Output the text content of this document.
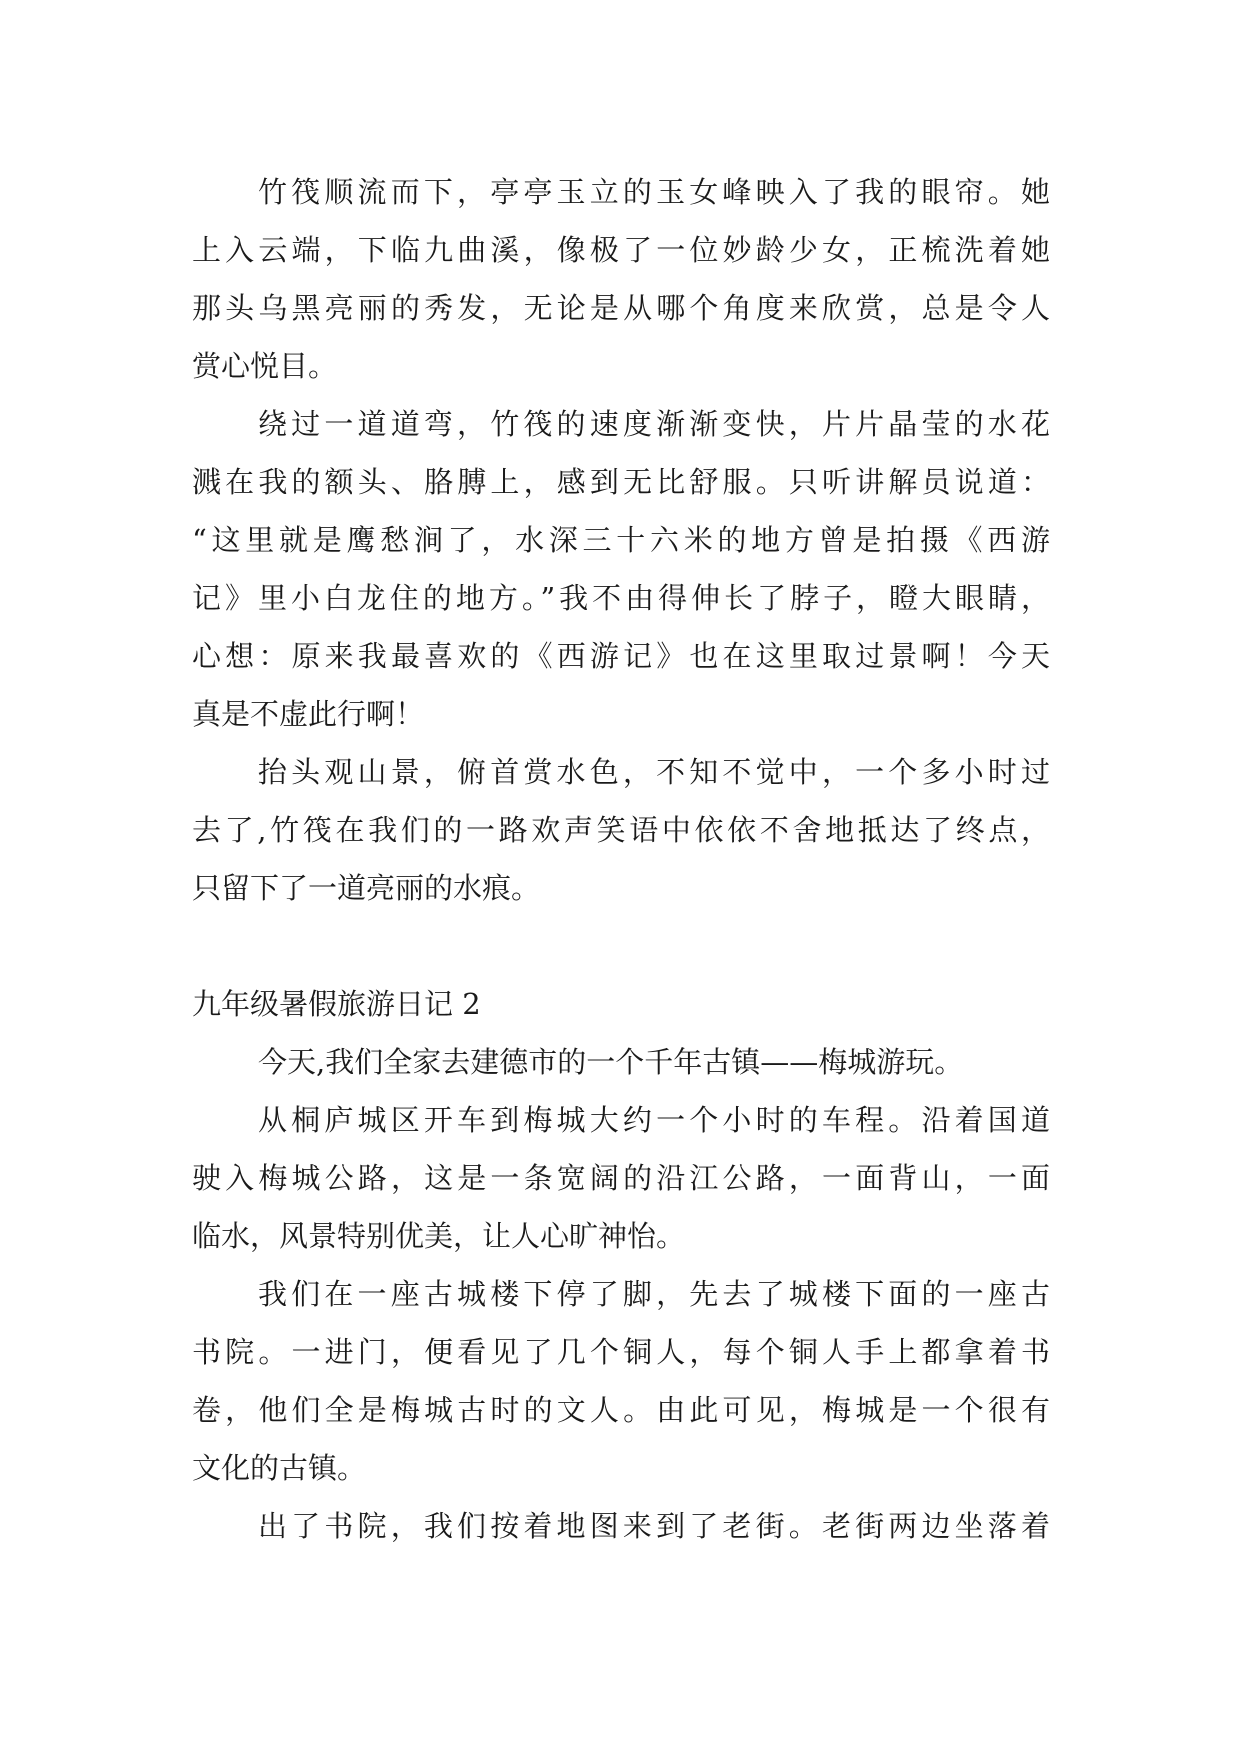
竹筏顺流而下，亭亭玉立的玉女峰映入了我的眼帘。她
上入云端，下临九曲溪，像极了一位妙龄少女，正梳洗着她
那头乌黑亮丽的秀发，无论是从哪个角度来欣赏，总是令人
赏心悦目。
绕过一道道弯，竹筏的速度渐渐变快，片片晶莹的水花
溅在我的额头、胳膊上，感到无比舒服。只听讲解员说道：
“这里就是鹰愁涧了，水深三十六米的地方曾是拍摄《西游
记》里小白龙住的地方。”我不由得伸长了脖子，瞪大眼睛，
心想：原来我最喜欢的《西游记》也在这里取过景啊！今天
真是不虚此行啊！
抬头观山景，俯首赏水色，不知不觉中，一个多小时过
去了,竹筏在我们的一路欢声笑语中依依不舍地抵达了终点，
只留下了一道亮丽的水痕。
九年级暑假旅游日记 2
今天,我们全家去建德市的一个千年古镇——梅城游玩。
从桐庐城区开车到梅城大约一个小时的车程。沿着国道
驶入梅城公路，这是一条宽阔的沿江公路，一面背山，一面
临水，风景特别优美，让人心旷神怡。
我们在一座古城楼下停了脚，先去了城楼下面的一座古
书院。一进门，便看见了几个铜人，每个铜人手上都拿着书
卷，他们全是梅城古时的文人。由此可见，梅城是一个很有
文化的古镇。
出了书院，我们按着地图来到了老街。老街两边坐落着
